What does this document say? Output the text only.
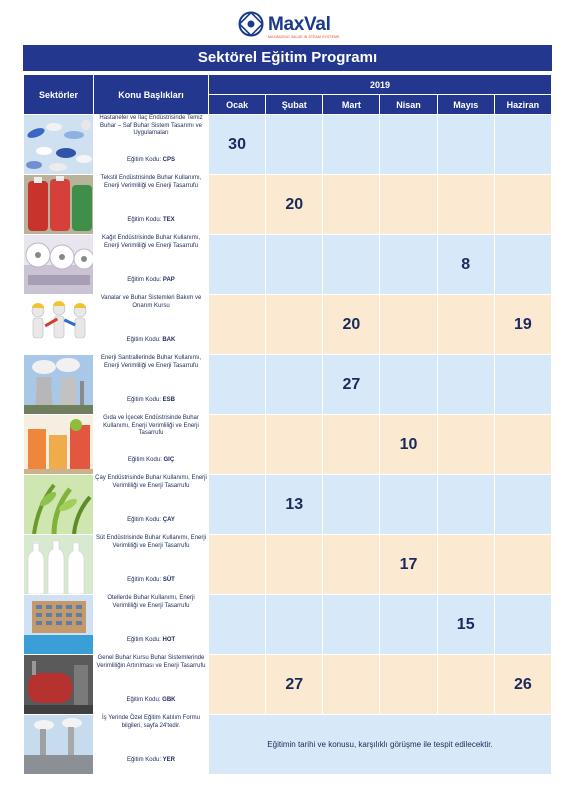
MaxVal
MAXIMIZING VALUE IN STEAM SYSTEMS
Sektörel Eğitim Programı
Sektörler	Konu Başlıkları	2019					
		Ocak	Şubat	Mart	Nisan	Mayıs	Haziran

Hastaneler ve İlaç Endüstrisinde Temiz Buhar – Saf Buhar Sistem Tasarımı ve Uygulamaları
Eğitim Kodu: CPS	30					

Tekstil Endüstrisinde Buhar Kullanımı, Enerji Verimliliği ve Enerji Tasarrufu
Eğitim Kodu: TEX		20				

Kağıt Endüstrisinde Buhar Kullanımı, Enerji Verimliliği ve Enerji Tasarrufu
Eğitim Kodu: PAP					8	

Vanalar ve Buhar Sistemleri Bakım ve Onarım Kursu
Eğitim Kodu: BAK			20			19

Enerji Santrallerinde Buhar Kullanımı, Enerji Verimliliği ve Enerji Tasarrufu
Eğitim Kodu: ESB			27			

Gıda ve İçecek Endüstrisinde Buhar Kullanımı, Enerji Verimliliği ve Enerji Tasarrufu
Eğitim Kodu: GIÇ				10		

Çay Endüstrisinde Buhar Kullanımı, Enerji Verimliliği ve Enerji Tasarrufu
Eğitim Kodu: ÇAY		13				

Süt Endüstrisinde Buhar Kullanımı, Enerji Verimliliği ve Enerji Tasarrufu
Eğitim Kodu: SÜT				17		

Otellerde Buhar Kullanımı, Enerji Verimliliği ve Enerji Tasarrufu
Eğitim Kodu: HOT					15	

Genel Buhar Kursu Buhar Sistemlerinde Verimliliğin Artırılması ve Enerji Tasarrufu
Eğitim Kodu: GBK		27				26

İş Yerinde Özel Eğitim Katılım Formu bilgileri, sayfa 24'tedir.
Eğitim Kodu: YER	Eğitimin tarihi ve konusu, karşılıklı görüşme ile tespit edilecektir.					
